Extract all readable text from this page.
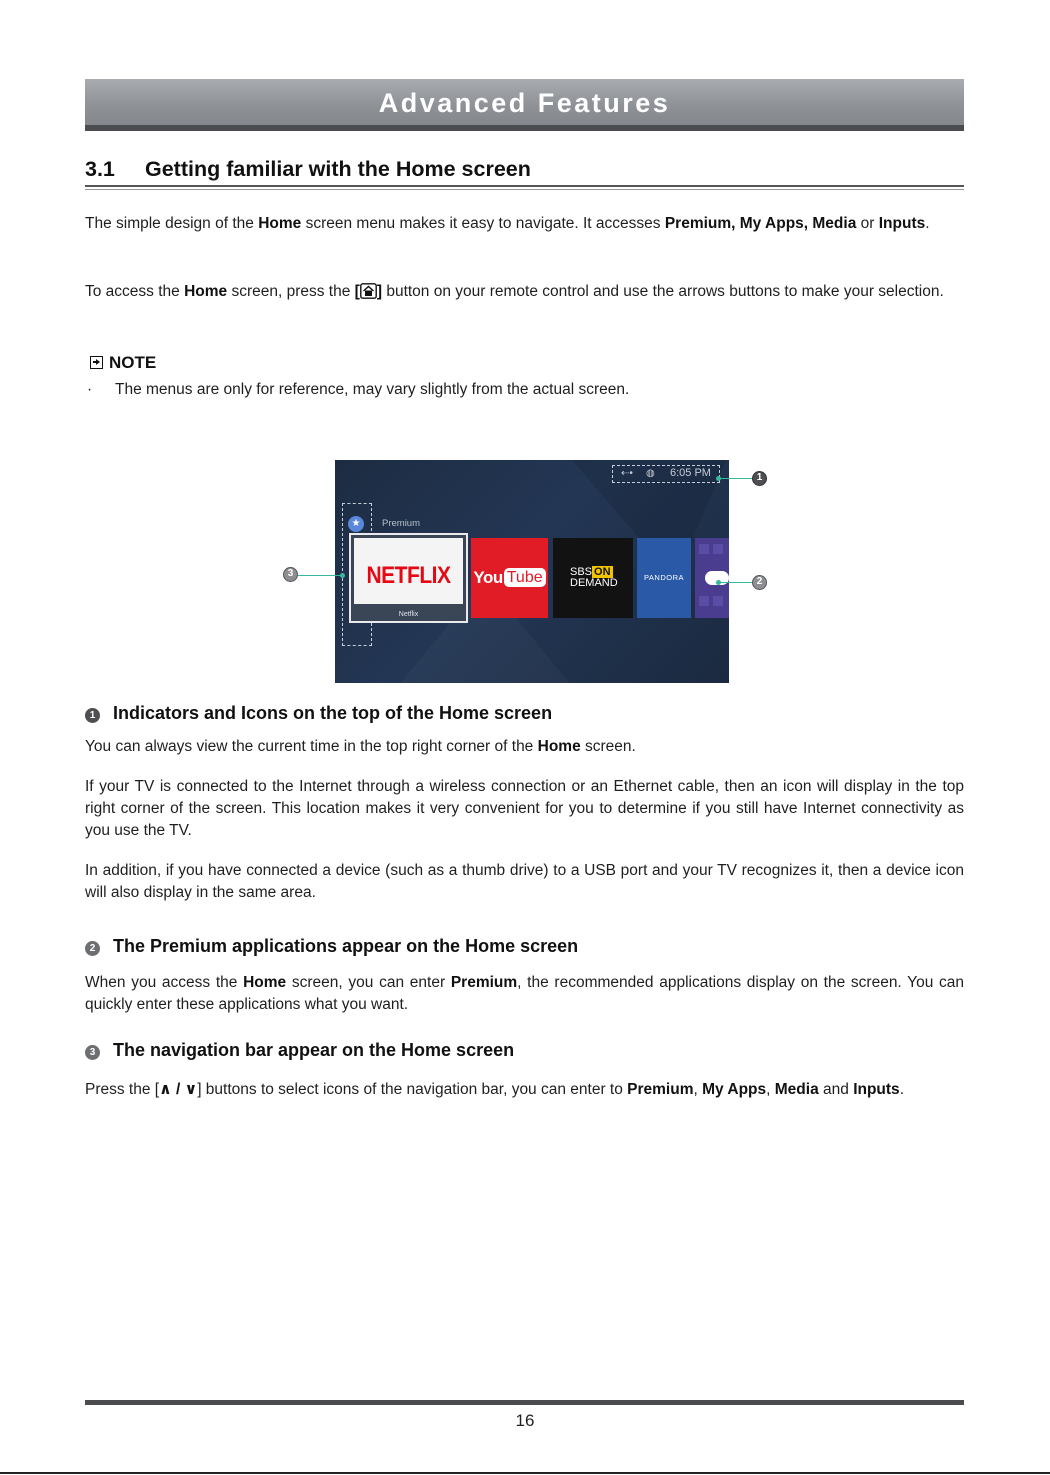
Advanced Features
3.1 Getting familiar with the Home screen
The simple design of the Home screen menu makes it easy to navigate. It accesses Premium, My Apps, Media or Inputs.
To access the Home screen, press the [ ] button on your remote control and use the arrows buttons to make your selection.
NOTE
· The menus are only for reference, may vary slightly from the actual screen.
⇠• ◍ 6:05 PM
★	Premium
NETFLIX
Netflix
You Tube	SBS ON
DEMAND	PANDORA
1
2
3
1 Indicators and Icons on the top of the Home screen
You can always view the current time in the top right corner of the Home screen.
If your TV is connected to the Internet through a wireless connection or an Ethernet cable, then an icon will display in the top right corner of the screen. This location makes it very convenient for you to determine if you still have Internet connectivity as you use the TV.
In addition, if you have connected a device (such as a thumb drive) to a USB port and your TV recognizes it, then a device icon will also display in the same area.
2 The Premium applications appear on the Home screen
When you access the Home screen, you can enter Premium, the recommended applications display on the screen. You can quickly enter these applications what you want.
3 The navigation bar appear on the Home screen
Press the [∧ / ∨] buttons to select icons of the navigation bar, you can enter to Premium, My Apps, Media and Inputs.
16
